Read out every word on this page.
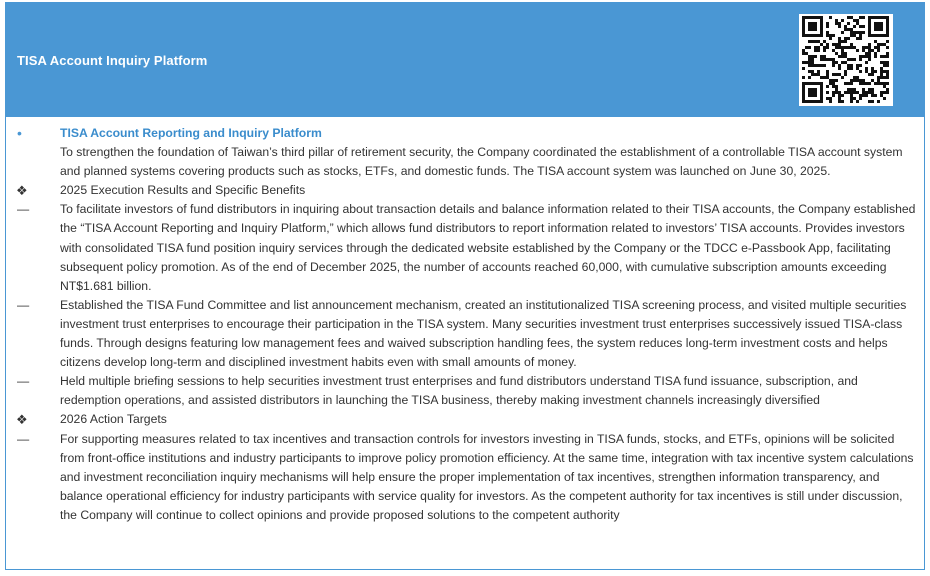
TISA Account Inquiry Platform
•	TISA Account Reporting and Inquiry Platform
To strengthen the foundation of Taiwan’s third pillar of retirement security, the Company coordinated the establishment of a controllable TISA account system and planned systems covering products such as stocks, ETFs, and domestic funds. The TISA account system was launched on June 30, 2025.
❖	2025 Execution Results and Specific Benefits
—	To facilitate investors of fund distributors in inquiring about transaction details and balance information related to their TISA accounts, the Company established the “TISA Account Reporting and Inquiry Platform,” which allows fund distributors to report information related to investors’ TISA accounts. Provides investors with consolidated TISA fund position inquiry services through the dedicated website established by the Company or the TDCC e-Passbook App, facilitating subsequent policy promotion. As of the end of December 2025, the number of accounts reached 60,000, with cumulative subscription amounts exceeding NT$1.681 billion.
—	Established the TISA Fund Committee and list announcement mechanism, created an institutionalized TISA screening process, and visited multiple securities investment trust enterprises to encourage their participation in the TISA system. Many securities investment trust enterprises successively issued TISA-class funds. Through designs featuring low management fees and waived subscription handling fees, the system reduces long-term investment costs and helps citizens develop long-term and disciplined investment habits even with small amounts of money.
—	Held multiple briefing sessions to help securities investment trust enterprises and fund distributors understand TISA fund issuance, subscription, and redemption operations, and assisted distributors in launching the TISA business, thereby making investment channels increasingly diversified
❖	2026 Action Targets
—	For supporting measures related to tax incentives and transaction controls for investors investing in TISA funds, stocks, and ETFs, opinions will be solicited from front-office institutions and industry participants to improve policy promotion efficiency. At the same time, integration with tax incentive system calculations and investment reconciliation inquiry mechanisms will help ensure the proper implementation of tax incentives, strengthen information transparency, and balance operational efficiency for industry participants with service quality for investors. As the competent authority for tax incentives is still under discussion, the Company will continue to collect opinions and provide proposed solutions to the competent authority
